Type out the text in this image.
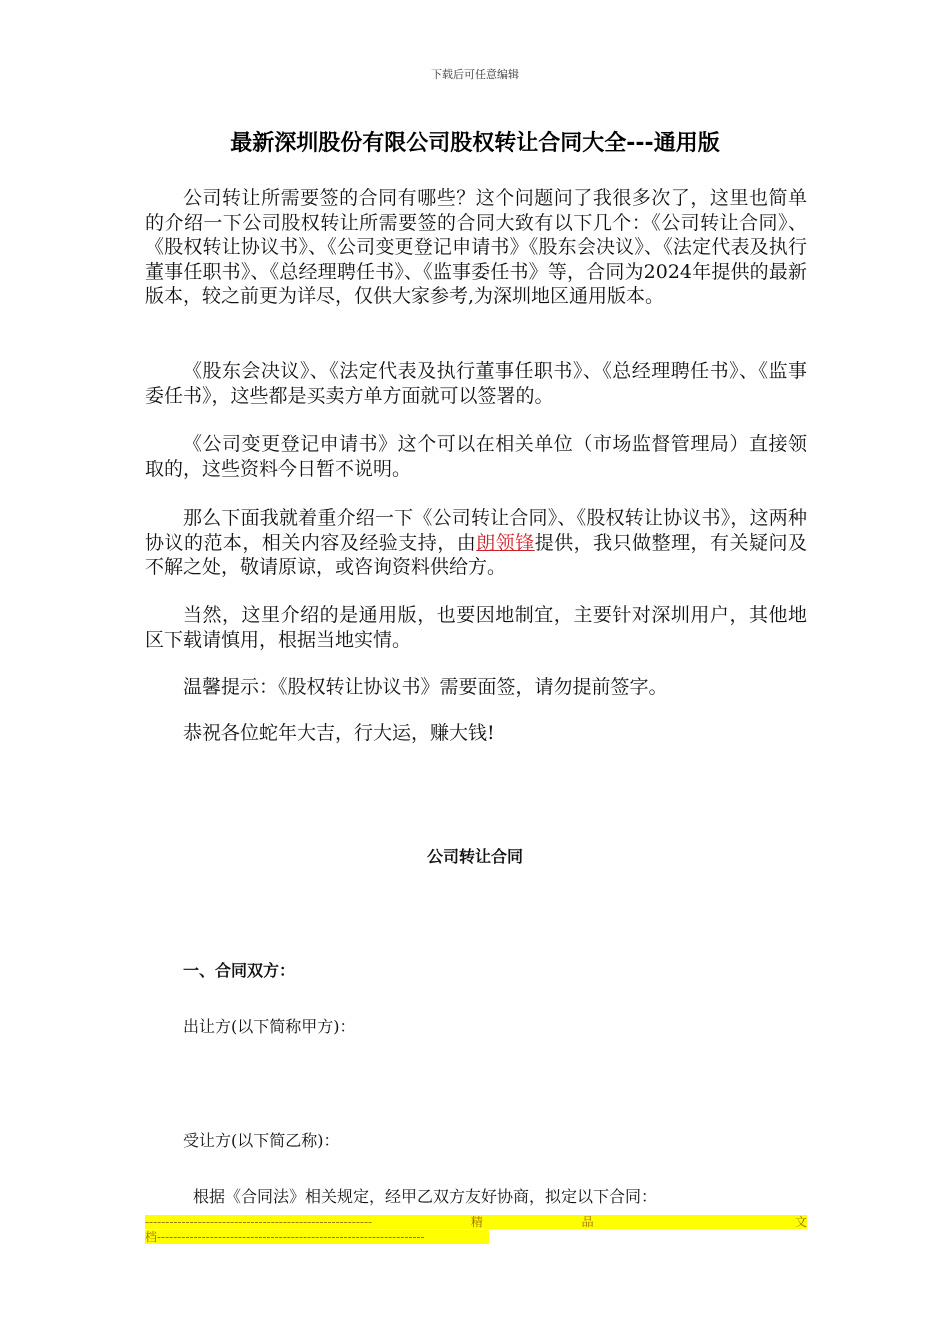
下载后可任意编辑
最新深圳股份有限公司股权转让合同大全---通用版

公司转让所需要签的合同有哪些？这个问题问了我很多次了，这里也简单的介绍一下公司股权转让所需要签的合同大致有以下几个：《公司转让合同》、《股权转让协议书》、《公司变更登记申请书》《股东会决议》、《法定代表及执行董事任职书》、《总经理聘任书》、《监事委任书》等，合同为2024年提供的最新版本，较之前更为详尽，仅供大家参考,为深圳地区通用版本。

《股东会决议》、《法定代表及执行董事任职书》、《总经理聘任书》、《监事委任书》，这些都是买卖方单方面就可以签署的。

《公司变更登记申请书》这个可以在相关单位（市场监督管理局）直接领取的，这些资料今日暂不说明。

那么下面我就着重介绍一下《公司转让合同》、《股权转让协议书》，这两种协议的范本，相关内容及经验支持，由朗领锋提供，我只做整理，有关疑问及不解之处，敬请原谅，或咨询资料供给方。

当然，这里介绍的是通用版，也要因地制宜，主要针对深圳用户，其他地区下载请慎用，根据当地实情。

温馨提示：《股权转让协议书》需要面签，请勿提前签字。

恭祝各位蛇年大吉，行大运，赚大钱!

公司转让合同
一、合同双方：
出让方(以下简称甲方)：
受让方(以下简乙称)：
根据《合同法》相关规定，经甲乙双方友好协商，拟定以下合同：
--------------------------------------------------------	精	品
	文
档------------------------------------------------------------------
